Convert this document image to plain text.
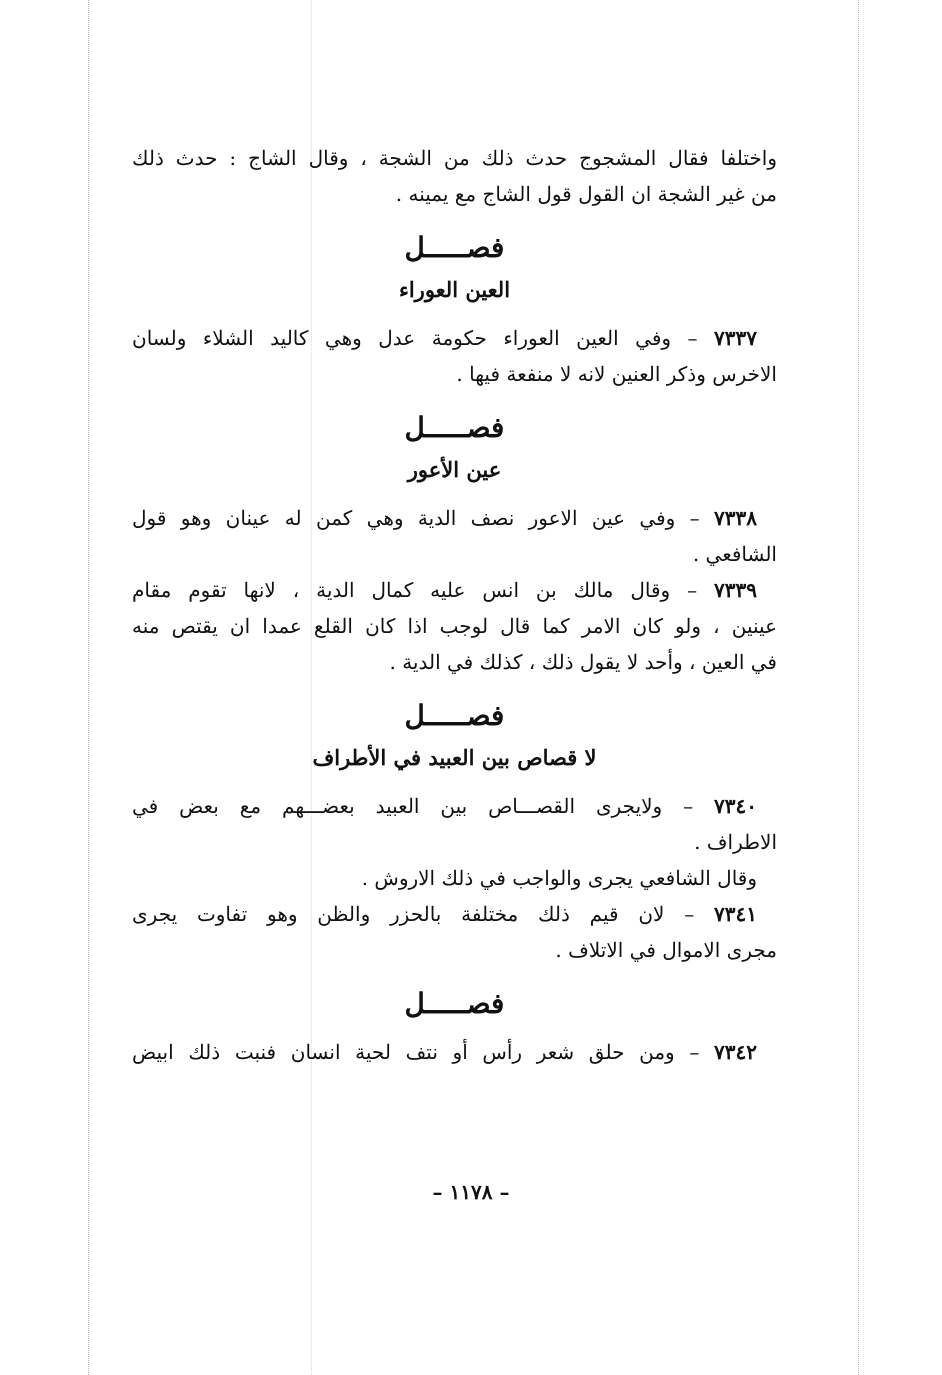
واختلفا فقال المشجوج حدث ذلك من الشجة ، وقال الشاج : حدث ذلك

من غير الشجة ان القول قول الشاج مع يمينه .

فصـــــل
العين العوراء

٧٣٣٧ – وفي العين العوراء حكومة عدل وهي كاليد الشلاء ولسان

الاخرس وذكر العنين لانه لا منفعة فيها .

فصـــــل
عين الأعور

٧٣٣٨ – وفي عين الاعور نصف الدية وهي كمن له عينان وهو قول

الشافعي .

٧٣٣٩ – وقال مالك بن انس عليه كمال الدية ، لانها تقوم مقام

عينين ، ولو كان الامر كما قال لوجب اذا كان القلع عمدا ان يقتص منه

في العين ، وأحد لا يقول ذلك ، كذلك في الدية .

فصـــــل
لا قصاص بين العبيد في الأطراف

٧٣٤٠ – ولايجرى القصـــاص بين العبيد بعضـــهم مع بعض في

الاطراف .

وقال الشافعي يجرى والواجب في ذلك الاروش .

٧٣٤١ – لان قيم ذلك مختلفة بالحزر والظن وهو تفاوت يجرى

مجرى الاموال في الاتلاف .

فصـــــل

٧٣٤٢ – ومن حلق شعر رأس أو نتف لحية انسان فنبت ذلك ابيض

– ١١٧٨ –
